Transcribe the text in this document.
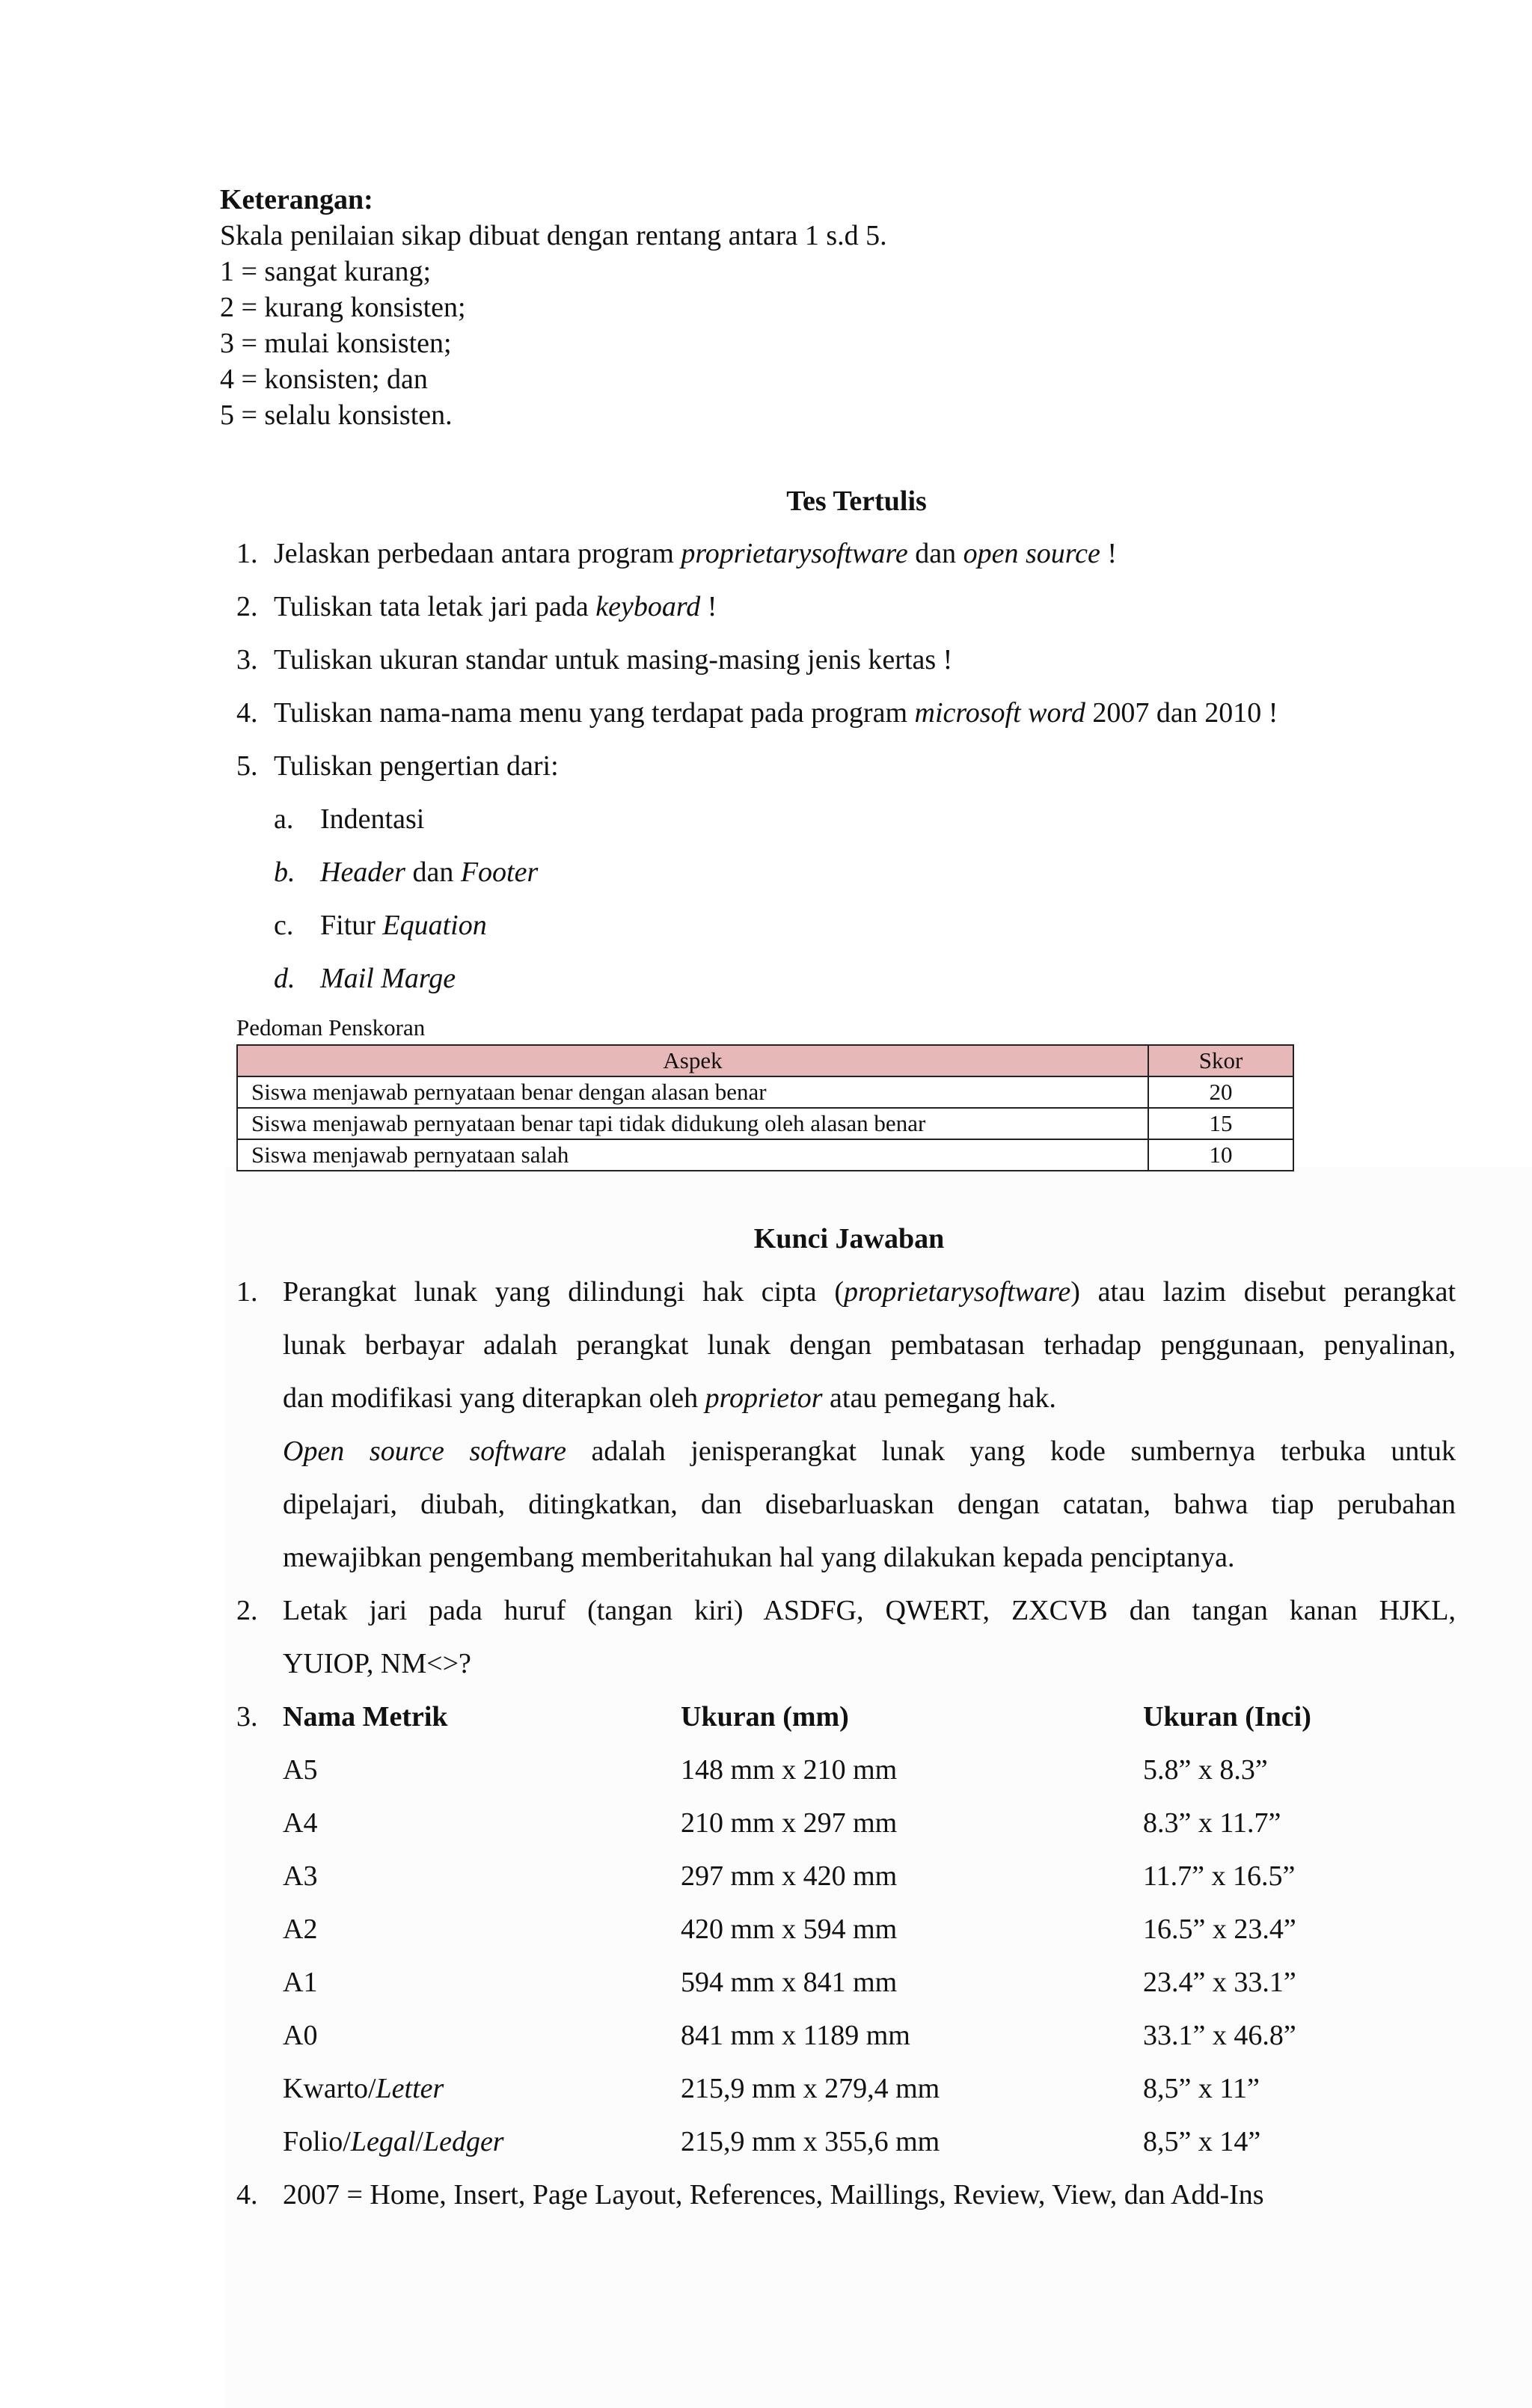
Keterangan:
Skala penilaian sikap dibuat dengan rentang antara 1 s.d 5.
1 = sangat kurang;
2 = kurang konsisten;
3 = mulai konsisten;
4 = konsisten; dan
5 = selalu konsisten.
Tes Tertulis
1. Jelaskan perbedaan antara program proprietarysoftware dan open source !
2. Tuliskan tata letak jari pada keyboard !
3. Tuliskan ukuran standar untuk masing-masing jenis kertas !
4. Tuliskan nama-nama menu yang terdapat pada program microsoft word 2007 dan 2010 !
5. Tuliskan pengertian dari:
a. Indentasi
b. Header dan Footer
c. Fitur Equation
d. Mail Marge
Pedoman Penskoran
Aspek	Skor
Siswa menjawab pernyataan benar dengan alasan benar	20
Siswa menjawab pernyataan benar tapi tidak didukung oleh alasan benar	15
Siswa menjawab pernyataan salah	10
Kunci Jawaban
1. Perangkat lunak yang dilindungi hak cipta (proprietarysoftware) atau lazim disebut perangkat
lunak berbayar adalah perangkat lunak dengan pembatasan terhadap penggunaan, penyalinan,
dan modifikasi yang diterapkan oleh proprietor atau pemegang hak.
Open source software adalah jenisperangkat lunak yang kode sumbernya terbuka untuk
dipelajari, diubah, ditingkatkan, dan disebarluaskan dengan catatan, bahwa tiap perubahan
mewajibkan pengembang memberitahukan hal yang dilakukan kepada penciptanya.
2. Letak jari pada huruf (tangan kiri) ASDFG, QWERT, ZXCVB dan tangan kanan HJKL,
YUIOP, NM<>?
3. Nama Metrik	Ukuran (mm)	Ukuran (Inci)
A5	148 mm x 210 mm	5.8” x 8.3”
A4	210 mm x 297 mm	8.3” x 11.7”
A3	297 mm x 420 mm	11.7” x 16.5”
A2	420 mm x 594 mm	16.5” x 23.4”
A1	594 mm x 841 mm	23.4” x 33.1”
A0	841 mm x 1189 mm	33.1” x 46.8”
Kwarto/Letter	215,9 mm x 279,4 mm	8,5” x 11”
Folio/Legal/Ledger	215,9 mm x 355,6 mm	8,5” x 14”
4. 2007 = Home, Insert, Page Layout, References, Maillings, Review, View, dan Add-Ins
